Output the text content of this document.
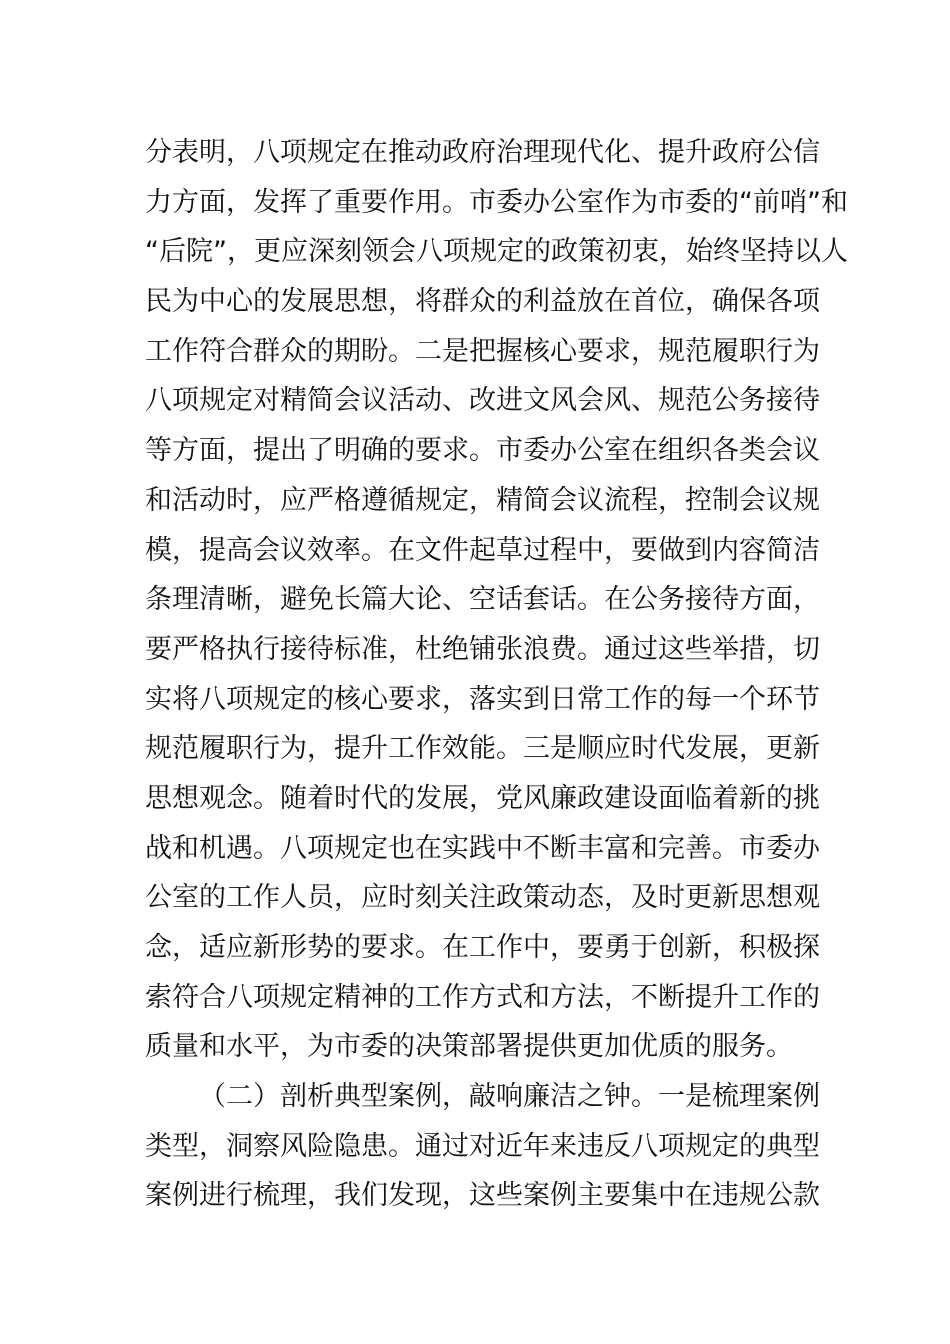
分表明，八项规定在推动政府治理现代化、提升政府公信
力方面，发挥了重要作用。市委办公室作为市委的“前哨”和
“后院”，更应深刻领会八项规定的政策初衷，始终坚持以人
民为中心的发展思想，将群众的利益放在首位，确保各项
工作符合群众的期盼。二是把握核心要求，规范履职行为
八项规定对精简会议活动、改进文风会风、规范公务接待
等方面，提出了明确的要求。市委办公室在组织各类会议
和活动时，应严格遵循规定，精简会议流程，控制会议规
模，提高会议效率。在文件起草过程中，要做到内容简洁
条理清晰，避免长篇大论、空话套话。在公务接待方面，
要严格执行接待标准，杜绝铺张浪费。通过这些举措，切
实将八项规定的核心要求，落实到日常工作的每一个环节
规范履职行为，提升工作效能。三是顺应时代发展，更新
思想观念。随着时代的发展，党风廉政建设面临着新的挑
战和机遇。八项规定也在实践中不断丰富和完善。市委办
公室的工作人员，应时刻关注政策动态，及时更新思想观
念，适应新形势的要求。在工作中，要勇于创新，积极探
索符合八项规定精神的工作方式和方法，不断提升工作的
质量和水平，为市委的决策部署提供更加优质的服务。
（二）剖析典型案例，敲响廉洁之钟。一是梳理案例
类型，洞察风险隐患。通过对近年来违反八项规定的典型
案例进行梳理，我们发现，这些案例主要集中在违规公款
